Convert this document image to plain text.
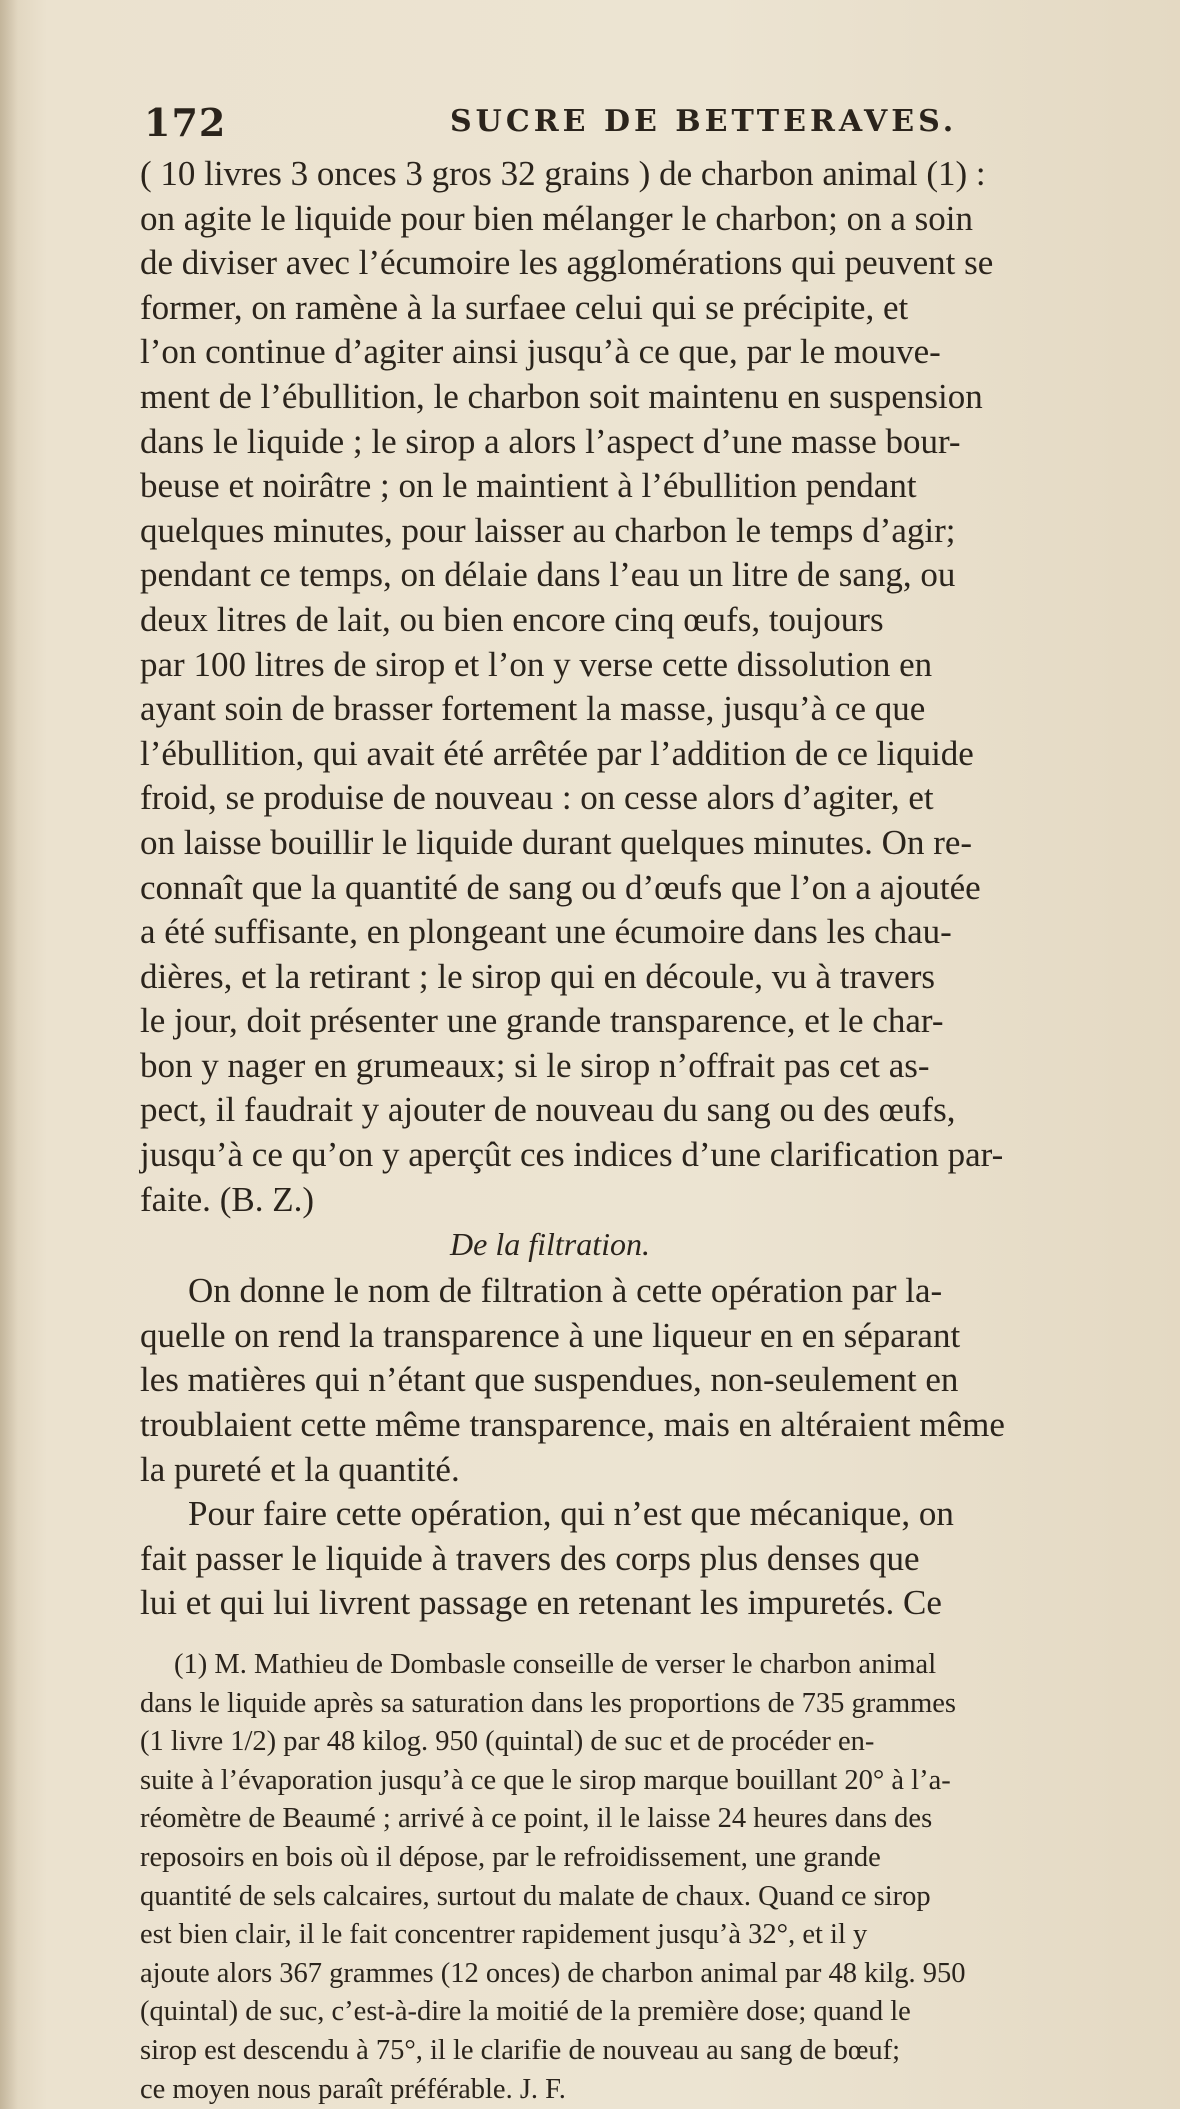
172	SUCRE DE BETTERAVES.
( 10 livres 3 onces 3 gros 32 grains ) de charbon animal (1) :
on agite le liquide pour bien mélanger le charbon; on a soin
de diviser avec l’écumoire les agglomérations qui peuvent se
former, on ramène à la surfaee celui qui se précipite, et
l’on continue d’agiter ainsi jusqu’à ce que, par le mouve-
ment de l’ébullition, le charbon soit maintenu en suspension
dans le liquide ; le sirop a alors l’aspect d’une masse bour-
beuse et noirâtre ; on le maintient à l’ébullition pendant
quelques minutes, pour laisser au charbon le temps d’agir;
pendant ce temps, on délaie dans l’eau un litre de sang, ou
deux litres de lait, ou bien encore cinq œufs, toujours
par 100 litres de sirop et l’on y verse cette dissolution en
ayant soin de brasser fortement la masse, jusqu’à ce que
l’ébullition, qui avait été arrêtée par l’addition de ce liquide
froid, se produise de nouveau : on cesse alors d’agiter, et
on laisse bouillir le liquide durant quelques minutes. On re-
connaît que la quantité de sang ou d’œufs que l’on a ajoutée
a été suffisante, en plongeant une écumoire dans les chau-
dières, et la retirant ; le sirop qui en découle, vu à travers
le jour, doit présenter une grande transparence, et le char-
bon y nager en grumeaux; si le sirop n’offrait pas cet as-
pect, il faudrait y ajouter de nouveau du sang ou des œufs,
jusqu’à ce qu’on y aperçût ces indices d’une clarification par-
faite. (B. Z.)
De la filtration.
On donne le nom de filtration à cette opération par la-
quelle on rend la transparence à une liqueur en en séparant
les matières qui n’étant que suspendues, non-seulement en
troublaient cette même transparence, mais en altéraient même
la pureté et la quantité.
Pour faire cette opération, qui n’est que mécanique, on
fait passer le liquide à travers des corps plus denses que
lui et qui lui livrent passage en retenant les impuretés. Ce
(1) M. Mathieu de Dombasle conseille de verser le charbon animal
dans le liquide après sa saturation dans les proportions de 735 grammes
(1 livre 1/2) par 48 kilog. 950 (quintal) de suc et de procéder en-
suite à l’évaporation jusqu’à ce que le sirop marque bouillant 20° à l’a-
réomètre de Beaumé ; arrivé à ce point, il le laisse 24 heures dans des
reposoirs en bois où il dépose, par le refroidissement, une grande
quantité de sels calcaires, surtout du malate de chaux. Quand ce sirop
est bien clair, il le fait concentrer rapidement jusqu’à 32°, et il y
ajoute alors 367 grammes (12 onces) de charbon animal par 48 kilg. 950
(quintal) de suc, c’est-à-dire la moitié de la première dose; quand le
sirop est descendu à 75°, il le clarifie de nouveau au sang de bœuf;
ce moyen nous paraît préférable. J. F.
